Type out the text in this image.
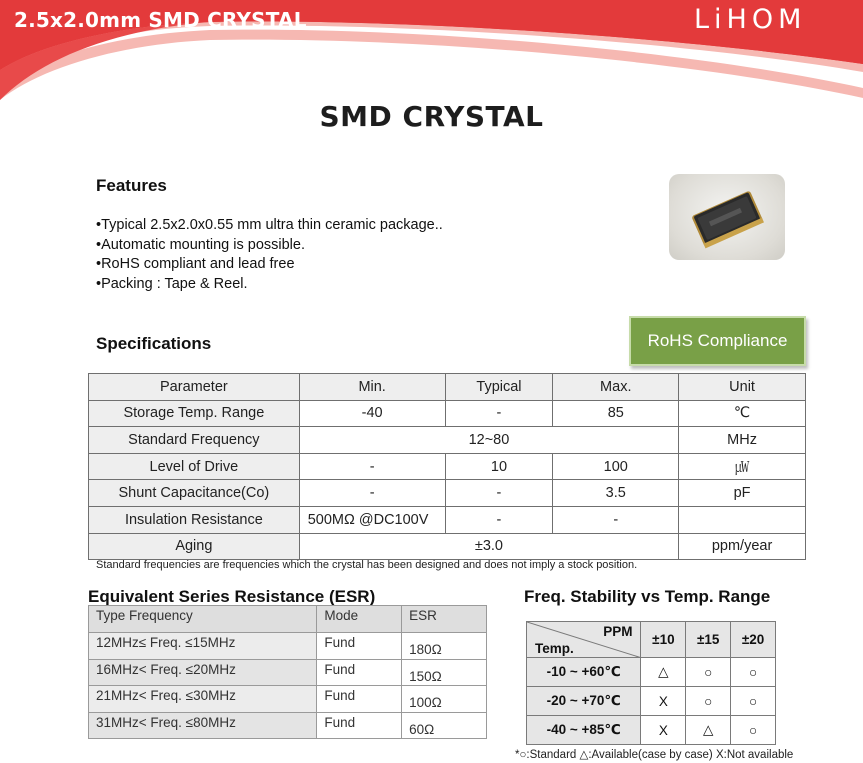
2.5x2.0mm SMD CRYSTAL	LiHOM
SMD CRYSTAL
Features
•Typical 2.5x2.0x0.55 mm ultra thin ceramic package..
•Automatic mounting is possible.
•RoHS compliant and lead free
•Packing : Tape & Reel.
Specifications	RoHS Compliance
Parameter	Min.	Typical	Max.	Unit
Storage Temp. Range	-40	-	85	℃
Standard Frequency	12~80			MHz
Level of Drive	-	10	100	㎼
Shunt Capacitance(Co)	-	-	3.5	pF
Insulation Resistance	500MΩ @DC100V	-	-	
Aging	±3.0			ppm/year
Standard frequencies are frequencies which the crystal has been designed and does not imply a stock position.
Equivalent Series Resistance (ESR)
Type Frequency	Mode	ESR
12MHz≤ Freq. ≤15MHz	Fund	180Ω
16MHz< Freq. ≤20MHz	Fund	150Ω
21MHz< Freq. ≤30MHz	Fund	100Ω
31MHz< Freq. ≤80MHz	Fund	60Ω
Freq. Stability vs Temp. Range
PPM
Temp.	±10	±15	±20
-10 ~ +60℃	△	○	○
-20 ~ +70℃	X	○	○
-40 ~ +85℃	X	△	○
*○:Standard △:Available(case by case) X:Not available
